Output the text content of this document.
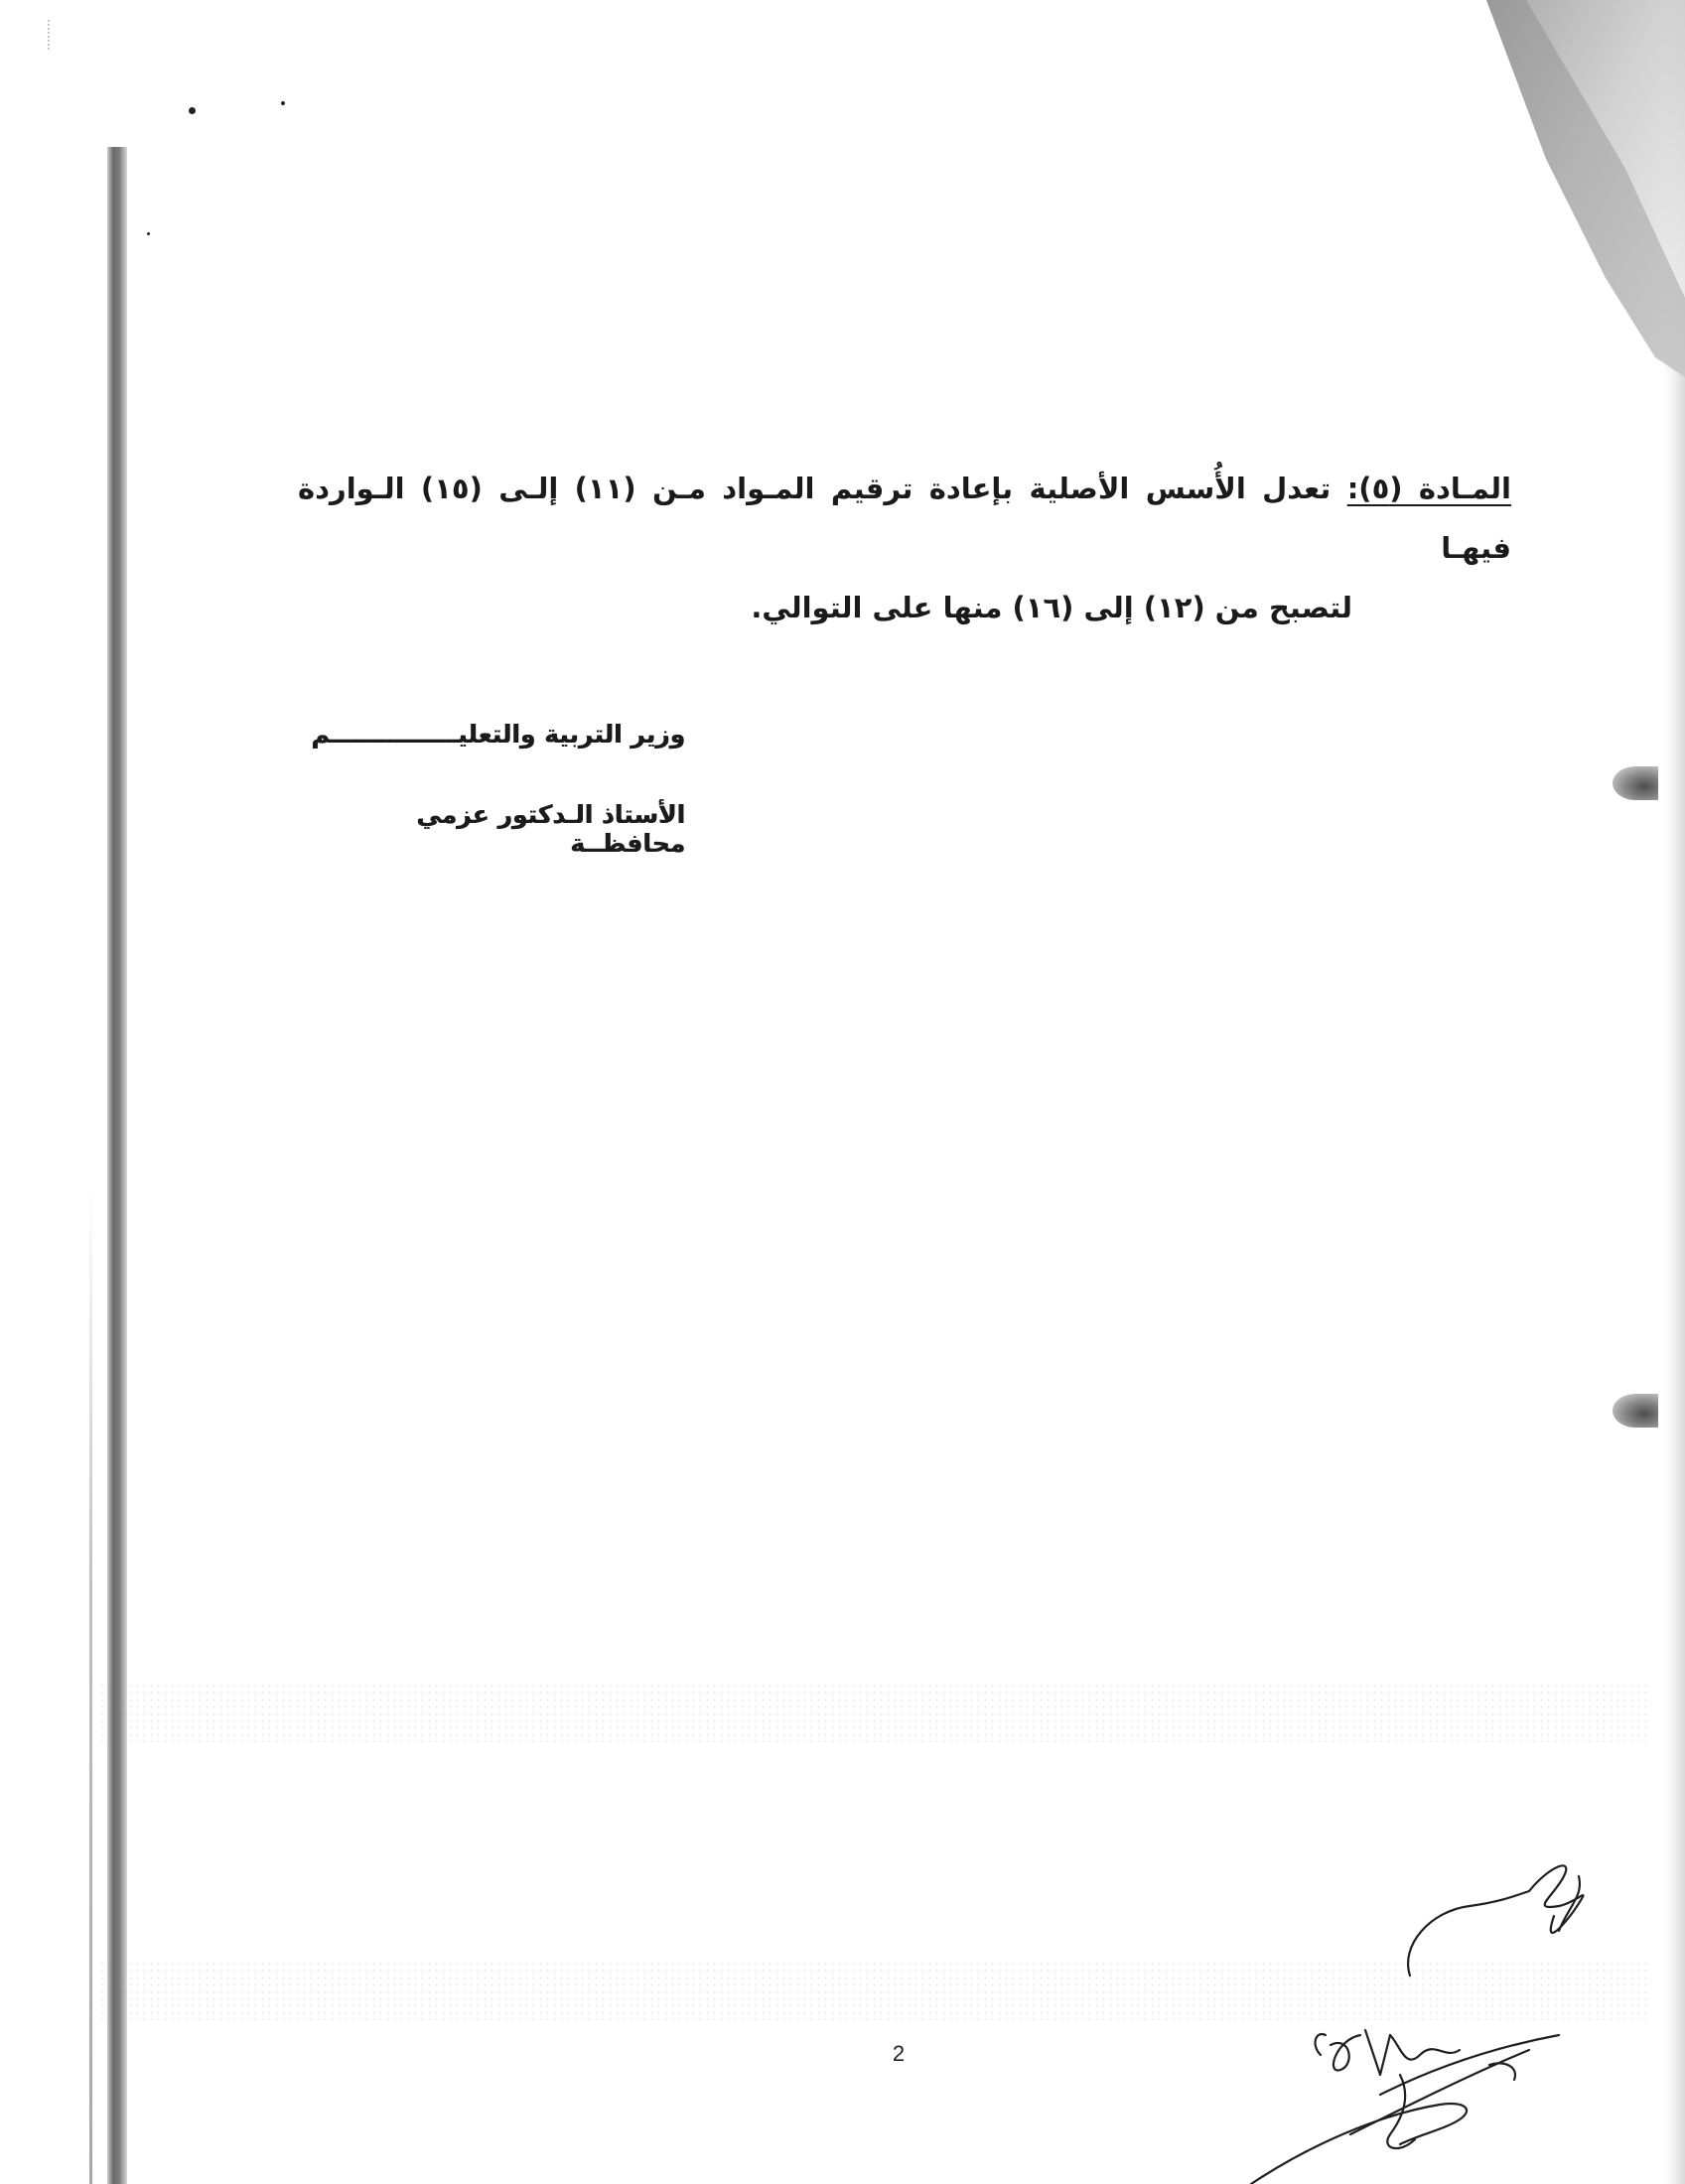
المـادة (٥): تعدل الأُسس الأصلية بإعادة ترقيم المـواد مـن (١١) إلـى (١٥) الـواردة فيهـا
لتصبح من (١٢) إلى (١٦) منها على التوالي.
وزير التربية والتعليـــــــــــــــم
الأستاذ الـدكتور عزمي محافظــة
2
